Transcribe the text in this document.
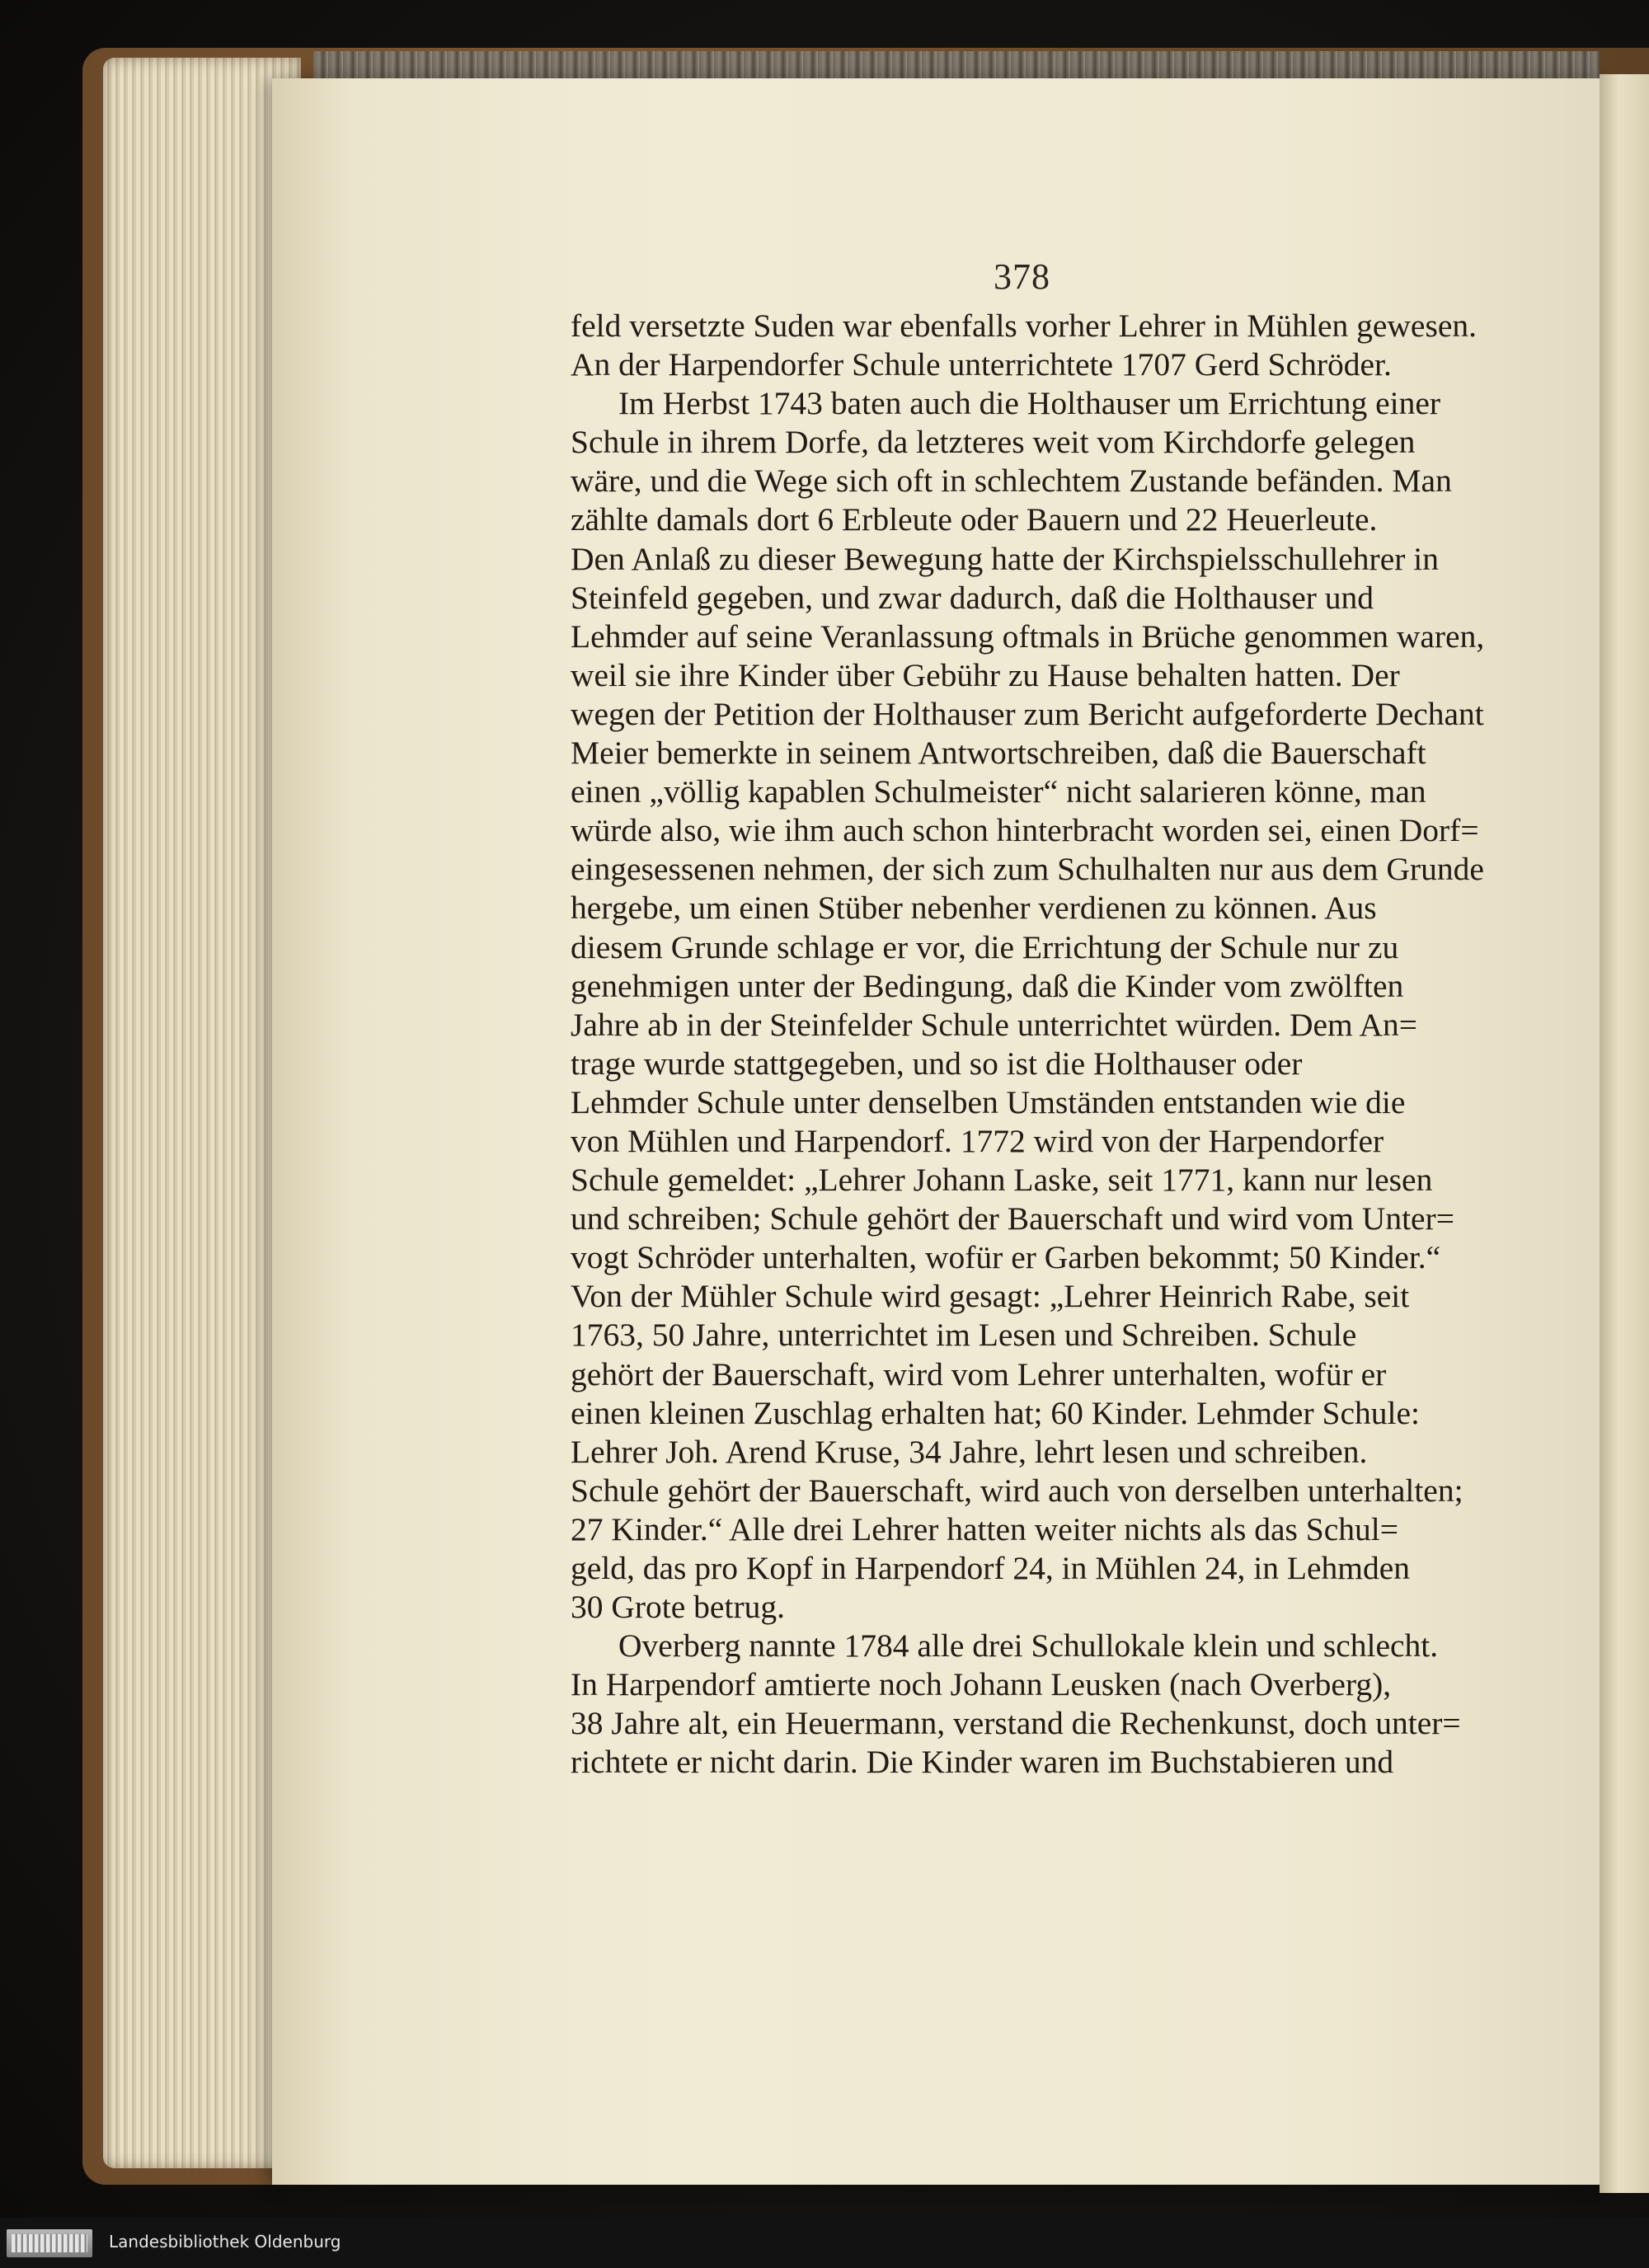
378
feld versetzte Suden war ebenfalls vorher Lehrer in Mühlen gewesen.
An der Harpendorfer Schule unterrichtete 1707 Gerd Schröder.
Im Herbst 1743 baten auch die Holthauser um Errichtung einer
Schule in ihrem Dorfe, da letzteres weit vom Kirchdorfe gelegen
wäre, und die Wege sich oft in schlechtem Zustande befänden. Man
zählte damals dort 6 Erbleute oder Bauern und 22 Heuerleute.
Den Anlaß zu dieser Bewegung hatte der Kirchspielsschullehrer in
Steinfeld gegeben, und zwar dadurch, daß die Holthauser und
Lehmder auf seine Veranlassung oftmals in Brüche genommen waren,
weil sie ihre Kinder über Gebühr zu Hause behalten hatten. Der
wegen der Petition der Holthauser zum Bericht aufgeforderte Dechant
Meier bemerkte in seinem Antwortschreiben, daß die Bauerschaft
einen „völlig kapablen Schulmeister“ nicht salarieren könne, man
würde also, wie ihm auch schon hinterbracht worden sei, einen Dorf=
eingesessenen nehmen, der sich zum Schulhalten nur aus dem Grunde
hergebe, um einen Stüber nebenher verdienen zu können. Aus
diesem Grunde schlage er vor, die Errichtung der Schule nur zu
genehmigen unter der Bedingung, daß die Kinder vom zwölften
Jahre ab in der Steinfelder Schule unterrichtet würden. Dem An=
trage wurde stattgegeben, und so ist die Holthauser oder
Lehmder Schule unter denselben Umständen entstanden wie die
von Mühlen und Harpendorf. 1772 wird von der Harpendorfer
Schule gemeldet: „Lehrer Johann Laske, seit 1771, kann nur lesen
und schreiben; Schule gehört der Bauerschaft und wird vom Unter=
vogt Schröder unterhalten, wofür er Garben bekommt; 50 Kinder.“
Von der Mühler Schule wird gesagt: „Lehrer Heinrich Rabe, seit
1763, 50 Jahre, unterrichtet im Lesen und Schreiben. Schule
gehört der Bauerschaft, wird vom Lehrer unterhalten, wofür er
einen kleinen Zuschlag erhalten hat; 60 Kinder. Lehmder Schule:
Lehrer Joh. Arend Kruse, 34 Jahre, lehrt lesen und schreiben.
Schule gehört der Bauerschaft, wird auch von derselben unterhalten;
27 Kinder.“ Alle drei Lehrer hatten weiter nichts als das Schul=
geld, das pro Kopf in Harpendorf 24, in Mühlen 24, in Lehmden
30 Grote betrug.
Overberg nannte 1784 alle drei Schullokale klein und schlecht.
In Harpendorf amtierte noch Johann Leusken (nach Overberg),
38 Jahre alt, ein Heuermann, verstand die Rechenkunst, doch unter=
richtete er nicht darin. Die Kinder waren im Buchstabieren und
Landesbibliothek Oldenburg
